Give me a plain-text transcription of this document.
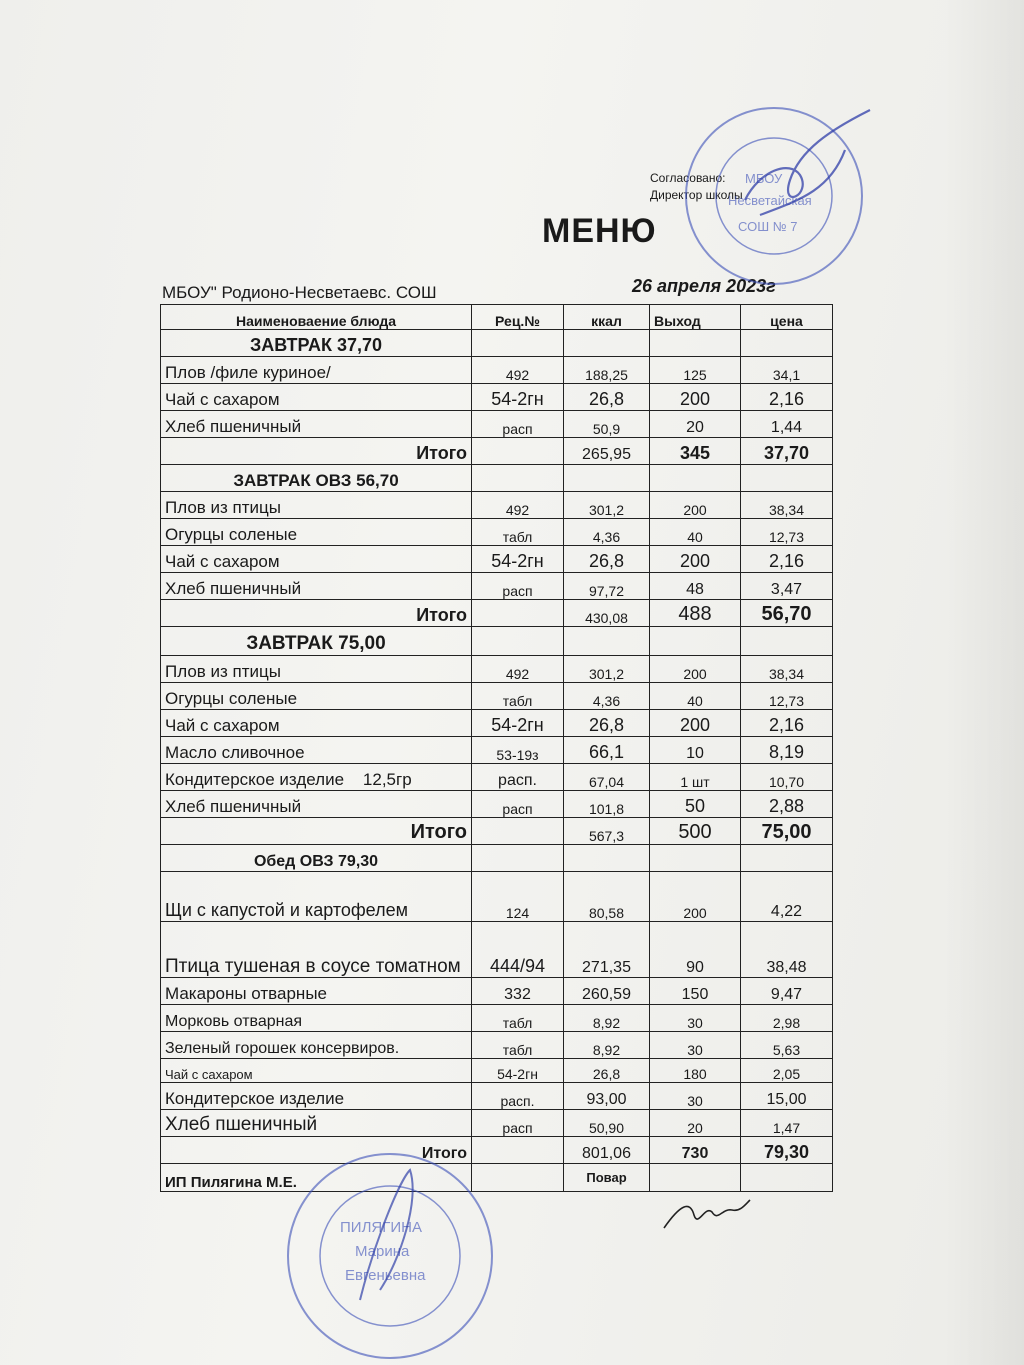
Согласовано:
Директор школы
МЕНЮ
МБОУ" Родионо-Несветаевс. СОШ	26 апреля 2023г
Наименоваение блюда	Рец.№	ккал	Выход	цена
ЗАВТРАК 37,70				
Плов /филе куриное/	492	188,25	125	34,1
Чай с сахаром	54-2гн	26,8	200	2,16
Хлеб пшеничный	расп	50,9	20	1,44
Итого		265,95	345	37,70
ЗАВТРАК ОВЗ 56,70				
Плов из птицы	492	301,2	200	38,34
Огурцы соленые	табл	4,36	40	12,73
Чай с сахаром	54-2гн	26,8	200	2,16
Хлеб пшеничный	расп	97,72	48	3,47
Итого		430,08	488	56,70
ЗАВТРАК 75,00				
Плов из птицы	492	301,2	200	38,34
Огурцы соленые	табл	4,36	40	12,73
Чай с сахаром	54-2гн	26,8	200	2,16
Масло сливочное	53-19з	66,1	10	8,19
Кондитерское изделие    12,5гр	расп.	67,04	1 шт	10,70
Хлеб пшеничный	расп	101,8	50	2,88
Итого		567,3	500	75,00
Обед ОВЗ 79,30				
Щи с капустой и картофелем	124	80,58	200	4,22
Птица тушеная в соусе томатном	444/94	271,35	90	38,48
Макароны отварные	332	260,59	150	9,47
Морковь отварная	табл	8,92	30	2,98
Зеленый горошек консервиров.	табл	8,92	30	5,63
Чай с сахаром	54-2гн	26,8	180	2,05
Кондитерское изделие	расп.	93,00	30	15,00
Хлеб пшеничный	расп	50,90	20	1,47
Итого		801,06	730	79,30
ИП Пилягина М.Е.		Повар		
МБОУ
Несветайская
СОШ № 7
ПИЛЯГИНА
Марина
Евгеньевна
